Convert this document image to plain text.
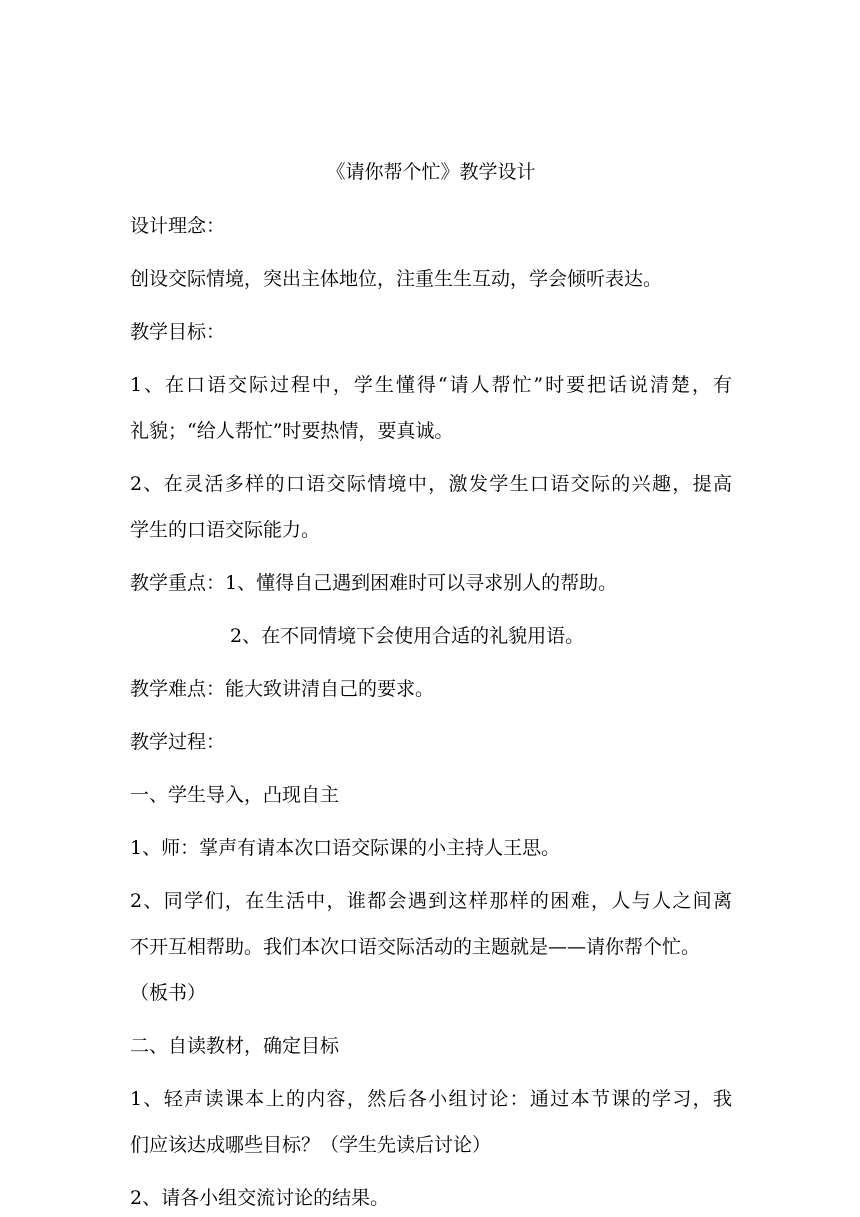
《请你帮个忙》教学设计
设计理念：
创设交际情境，突出主体地位，注重生生互动，学会倾听表达。
教学目标：
1、在口语交际过程中，学生懂得“请人帮忙”时要把话说清楚，有
礼貌；“给人帮忙”时要热情，要真诚。
2、在灵活多样的口语交际情境中，激发学生口语交际的兴趣，提高
学生的口语交际能力。
教学重点：1、懂得自己遇到困难时可以寻求别人的帮助。
2、在不同情境下会使用合适的礼貌用语。
教学难点：能大致讲清自己的要求。
教学过程：
一、学生导入，凸现自主
1、师：掌声有请本次口语交际课的小主持人王思。
2、同学们，在生活中，谁都会遇到这样那样的困难，人与人之间离
不开互相帮助。我们本次口语交际活动的主题就是——请你帮个忙。
（板书）
二、自读教材，确定目标
1、轻声读课本上的内容，然后各小组讨论：通过本节课的学习，我
们应该达成哪些目标？（学生先读后讨论）
2、请各小组交流讨论的结果。
